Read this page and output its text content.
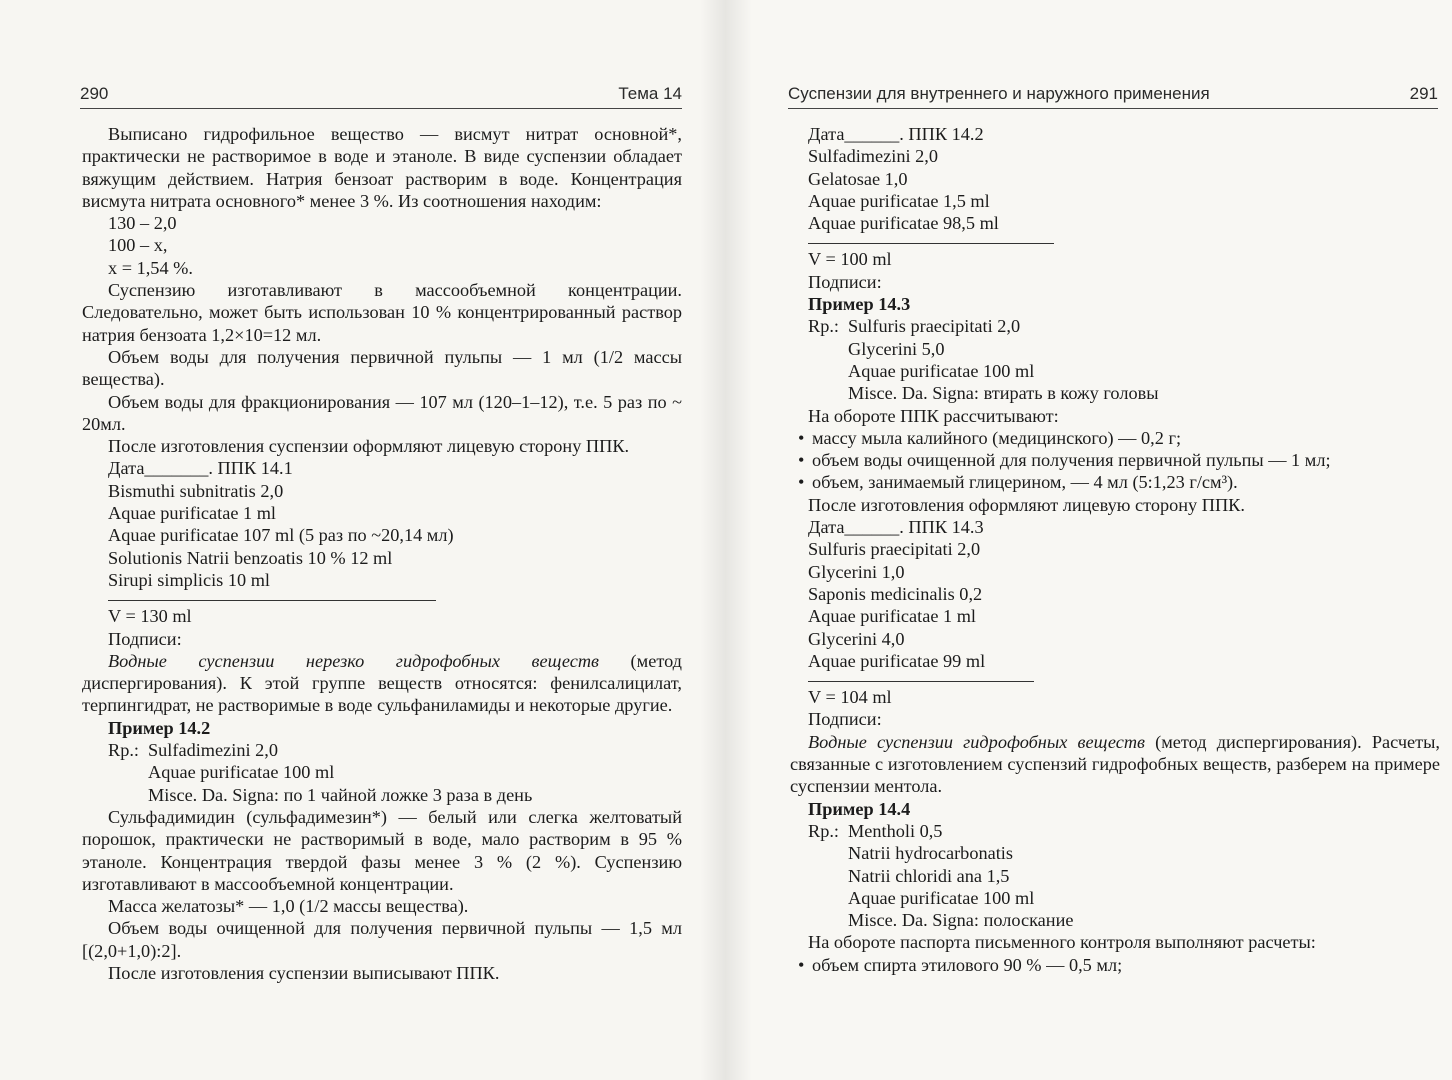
290	Тема 14

Выписано гидрофильное вещество — висмут нитрат основной*, практически не растворимое в воде и этаноле. В виде суспензии обладает вяжущим действием. Натрия бензоат растворим в воде. Концентрация висмута нитрата основного* менее 3 %. Из соотношения находим:

130 – 2,0

100 – х,

х = 1,54 %.

Суспензию изготавливают в массообъемной концентрации. Следовательно, может быть использован 10 % концентрированный раствор натрия бензоата 1,2×10=12 мл.

Объем воды для получения первичной пульпы — 1 мл (1/2 массы вещества).

Объем воды для фракционирования — 107 мл (120–1–12), т.е. 5 раз по ~ 20мл.

После изготовления суспензии оформляют лицевую сторону ППК.

Дата_______. ППК 14.1

Bismuthi subnitratis 2,0

Aquae purificatae 1 ml

Aquae purificatae 107 ml (5 раз по ~20,14 мл)

Solutionis Natrii benzoatis 10 % 12 ml

Sirupi simplicis 10 ml

V = 130 ml

Подписи:

Водные суспензии нерезко гидрофобных веществ (метод диспергирования). К этой группе веществ относятся: фенилсалицилат, терпингидрат, не растворимые в воде сульфаниламиды и некоторые другие.

Пример 14.2

Rp.: Sulfadimezini 2,0

Aquae purificatae 100 ml

Misce. Da. Signa: по 1 чайной ложке 3 раза в день

Сульфадимидин (сульфадимезин*) — белый или слегка желтоватый порошок, практически не растворимый в воде, мало растворим в 95 % этаноле. Концентрация твердой фазы менее 3 % (2 %). Суспензию изготавливают в массообъемной концентрации.

Масса желатозы* — 1,0 (1/2 массы вещества).

Объем воды очищенной для получения первичной пульпы — 1,5 мл [(2,0+1,0):2].

После изготовления суспензии выписывают ППК.

Суспензии для внутреннего и наружного применения	291

Дата______. ППК 14.2

Sulfadimezini 2,0

Gelatosae 1,0

Aquae purificatae 1,5 ml

Aquae purificatae 98,5 ml

V = 100 ml

Подписи:

Пример 14.3

Rp.: Sulfuris praecipitati 2,0

Glycerini 5,0

Aquae purificatae 100 ml

Misce. Da. Signa: втирать в кожу головы

На обороте ППК рассчитывают:

• массу мыла калийного (медицинского) — 0,2 г;

• объем воды очищенной для получения первичной пульпы — 1 мл;

• объем, занимаемый глицерином, — 4 мл (5:1,23 г/см³).

После изготовления оформляют лицевую сторону ППК.

Дата______. ППК 14.3

Sulfuris praecipitati 2,0

Glycerini 1,0

Saponis medicinalis 0,2

Aquae purificatae 1 ml

Glycerini 4,0

Aquae purificatae 99 ml

V = 104 ml

Подписи:

Водные суспензии гидрофобных веществ (метод диспергирования). Расчеты, связанные с изготовлением суспензий гидрофобных веществ, разберем на примере суспензии ментола.

Пример 14.4

Rp.: Mentholi 0,5

Natrii hydrocarbonatis

Natrii chloridi ana 1,5

Aquae purificatae 100 ml

Misce. Da. Signa: полоскание

На обороте паспорта письменного контроля выполняют расчеты:

• объем спирта этилового 90 % — 0,5 мл;
